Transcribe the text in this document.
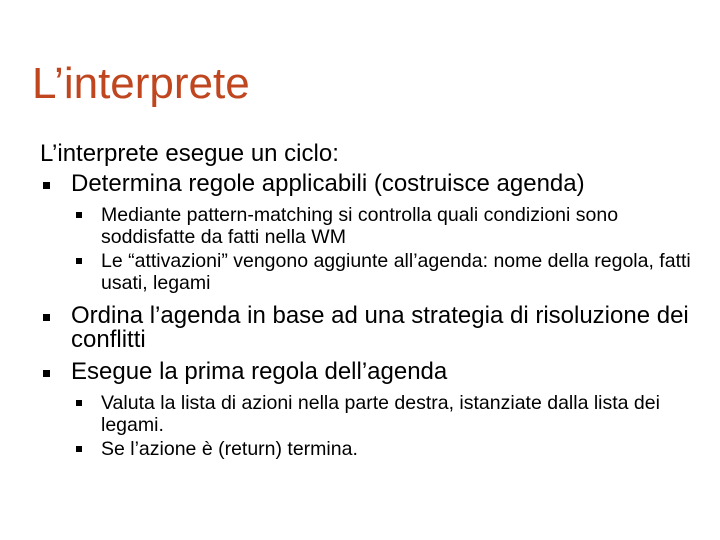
L’interprete
L’interprete esegue un ciclo:
Determina regole applicabili (costruisce agenda)
Mediante pattern-matching si controlla quali condizioni sono soddisfatte da fatti nella WM
Le “attivazioni” vengono aggiunte all’agenda: nome della regola, fatti usati, legami
Ordina l’agenda in base ad una strategia di risoluzione dei conflitti
Esegue la prima regola dell’agenda
Valuta la lista di azioni nella parte destra, istanziate dalla lista dei legami.
Se l’azione è (return) termina.
